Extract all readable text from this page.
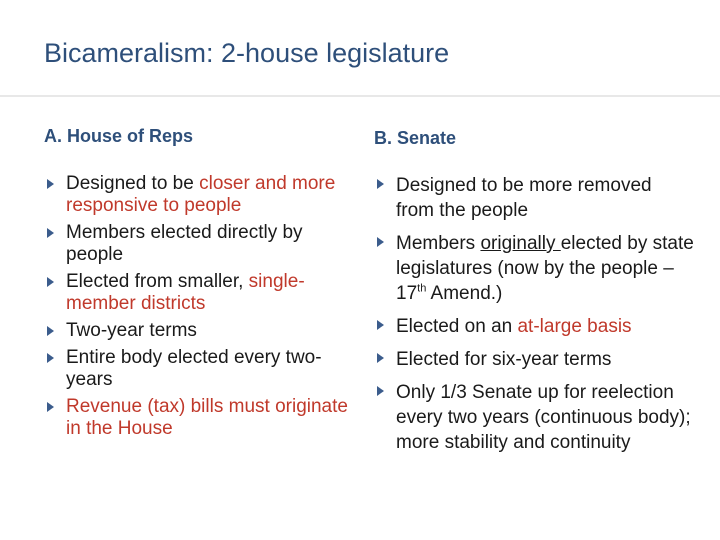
Bicameralism: 2-house legislature
A. House of Reps
Designed to be closer and more responsive to people
Members elected directly by people
Elected from smaller, single-member districts
Two-year terms
Entire body elected every two-years
Revenue (tax) bills must originate in the House
B. Senate
Designed to be more removed from the people
Members originally elected by state legislatures (now by the people – 17th Amend.)
Elected on an at-large basis
Elected for six-year terms
Only 1/3 Senate up for reelection every two years (continuous body); more stability and continuity
